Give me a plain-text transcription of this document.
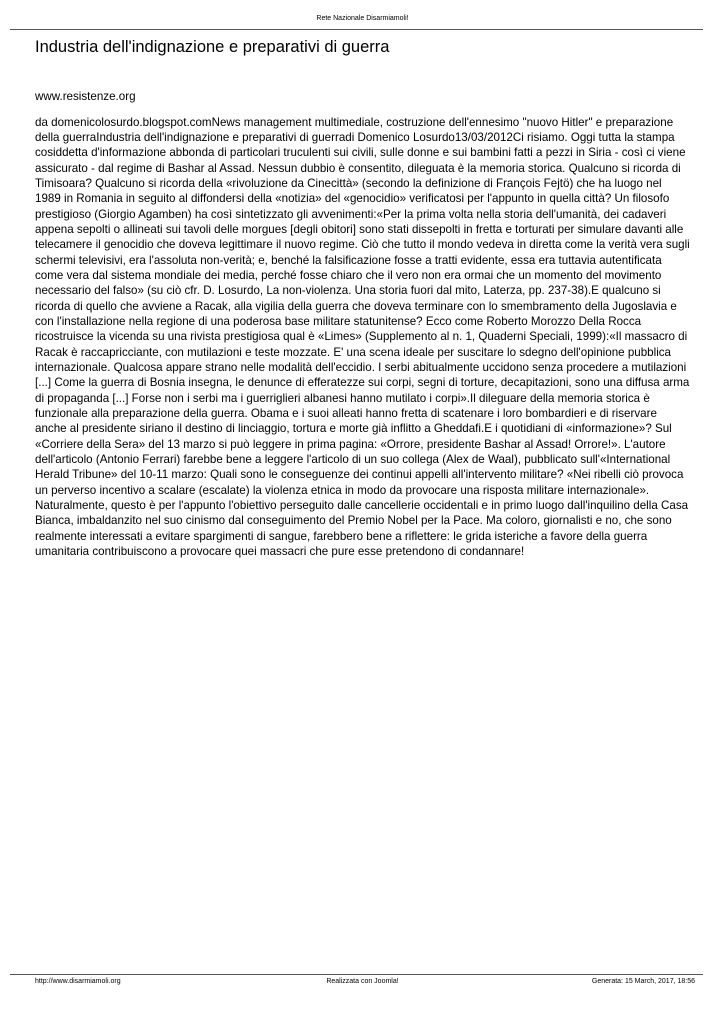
Rete Nazionale Disarmiamoli!
Industria dell'indignazione e preparativi di guerra
www.resistenze.org

da domenicolosurdo.blogspot.comNews management multimediale, costruzione dell'ennesimo "nuovo Hitler" e preparazione della guerraIndustria dell'indignazione e preparativi di guerradi Domenico Losurdo13/03/2012Ci risiamo. Oggi tutta la stampa cosiddetta d'informazione abbonda di particolari truculenti sui civili, sulle donne e sui bambini fatti a pezzi in Siria - così ci viene assicurato - dal regime di Bashar al Assad. Nessun dubbio è consentito, dileguata è la memoria storica. Qualcuno si ricorda di Timisoara? Qualcuno si ricorda della «rivoluzione da Cinecittà» (secondo la definizione di François Fejtö) che ha luogo nel 1989 in Romania in seguito al diffondersi della «notizia» del «genocidio» verificatosi per l'appunto in quella città? Un filosofo prestigioso (Giorgio Agamben) ha così sintetizzato gli avvenimenti:«Per la prima volta nella storia dell'umanità, dei cadaveri appena sepolti o allineati sui tavoli delle morgues [degli obitori] sono stati dissepolti in fretta e torturati per simulare davanti alle telecamere il genocidio che doveva legittimare il nuovo regime. Ciò che tutto il mondo vedeva in diretta come la verità vera sugli schermi televisivi, era l'assoluta non-verità; e, benché la falsificazione fosse a tratti evidente, essa era tuttavia autentificata come vera dal sistema mondiale dei media, perché fosse chiaro che il vero non era ormai che un momento del movimento necessario del falso» (su ciò cfr. D. Losurdo, La non-violenza. Una storia fuori dal mito, Laterza, pp. 237-38).E qualcuno si ricorda di quello che avviene a Racak, alla vigilia della guerra che doveva terminare con lo smembramento della Jugoslavia e con l'installazione nella regione di una poderosa base militare statunitense? Ecco come Roberto Morozzo Della Rocca ricostruisce la vicenda su una rivista prestigiosa qual è «Limes» (Supplemento al n. 1, Quaderni Speciali, 1999):«Il massacro di Racak è raccapricciante, con mutilazioni e teste mozzate. E' una scena ideale per suscitare lo sdegno dell'opinione pubblica internazionale. Qualcosa appare strano nelle modalità dell'eccidio. I serbi abitualmente uccidono senza procedere a mutilazioni [...] Come la guerra di Bosnia insegna, le denunce di efferatezze sui corpi, segni di torture, decapitazioni, sono una diffusa arma di propaganda [...] Forse non i serbi ma i guerriglieri albanesi hanno mutilato i corpi».Il dileguare della memoria storica è funzionale alla preparazione della guerra. Obama e i suoi alleati hanno fretta di scatenare i loro bombardieri e di riservare anche al presidente siriano il destino di linciaggio, tortura e morte già inflitto a Gheddafi.E i quotidiani di «informazione»? Sul «Corriere della Sera» del 13 marzo si può leggere in prima pagina: «Orrore, presidente Bashar al Assad! Orrore!». L'autore dell'articolo (Antonio Ferrari) farebbe bene a leggere l'articolo di un suo collega (Alex de Waal), pubblicato sull'«International Herald Tribune» del 10-11 marzo: Quali sono le conseguenze dei continui appelli all'intervento militare? «Nei ribelli ciò provoca un perverso incentivo a scalare (escalate) la violenza etnica in modo da provocare una risposta militare internazionale». Naturalmente, questo è per l'appunto l'obiettivo perseguito dalle cancellerie occidentali e in primo luogo dall'inquilino della Casa Bianca, imbaldanzito nel suo cinismo dal conseguimento del Premio Nobel per la Pace. Ma coloro, giornalisti e no, che sono realmente interessati a evitare spargimenti di sangue, farebbero bene a riflettere: le grida isteriche a favore della guerra umanitaria contribuiscono a provocare quei massacri che pure esse pretendono di condannare!

Realizzata con Joomla!
http://www.disarmiamoli.org	Generata: 15 March, 2017, 18:56
